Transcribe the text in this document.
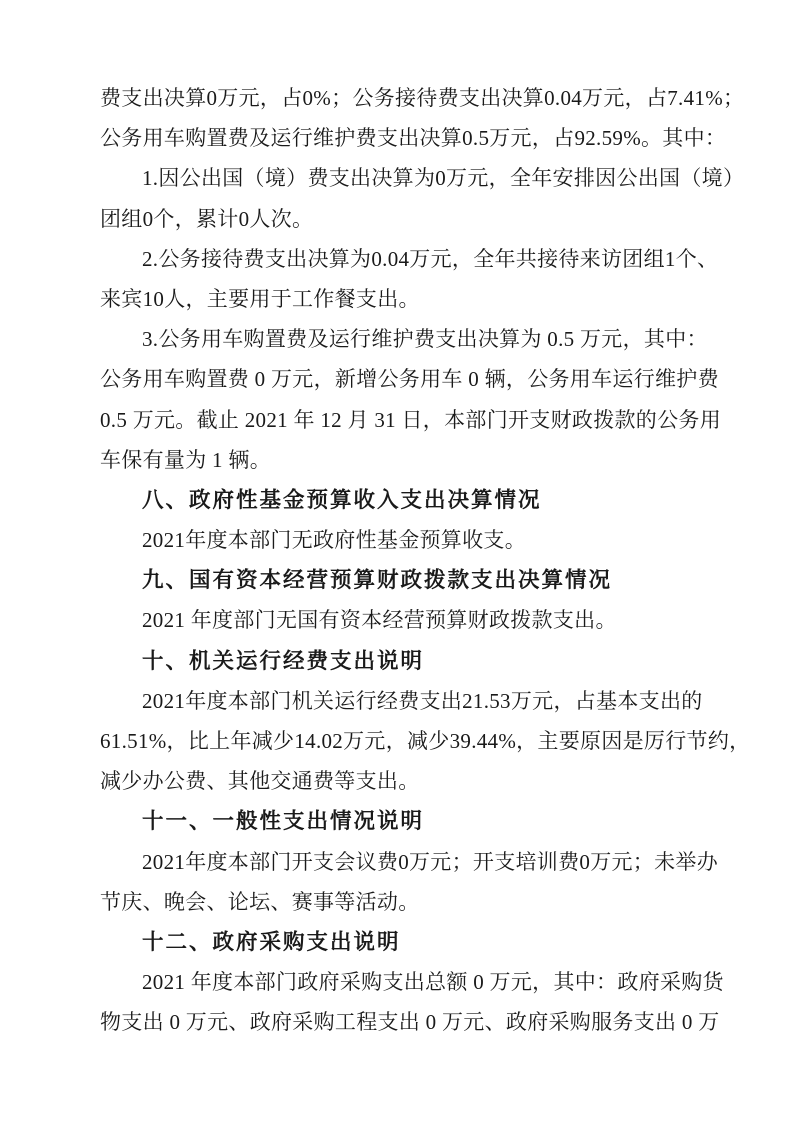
费支出决算0万元，占0%；公务接待费支出决算0.04万元，占7.41%；
公务用车购置费及运行维护费支出决算0.5万元，占92.59%。其中：
1.因公出国（境）费支出决算为0万元，全年安排因公出国（境）
团组0个，累计0人次。
2.公务接待费支出决算为0.04万元，全年共接待来访团组1个、
来宾10人，主要用于工作餐支出。
3.公务用车购置费及运行维护费支出决算为 0.5 万元，其中：
公务用车购置费 0 万元，新增公务用车 0 辆，公务用车运行维护费
0.5 万元。截止 2021 年 12 月 31 日，本部门开支财政拨款的公务用
车保有量为 1 辆。
八、政府性基金预算收入支出决算情况
2021年度本部门无政府性基金预算收支。
九、国有资本经营预算财政拨款支出决算情况
2021 年度部门无国有资本经营预算财政拨款支出。
十、机关运行经费支出说明
2021年度本部门机关运行经费支出21.53万元，占基本支出的
61.51%，比上年减少14.02万元，减少39.44%，主要原因是厉行节约，
减少办公费、其他交通费等支出。
十一、一般性支出情况说明
2021年度本部门开支会议费0万元；开支培训费0万元；未举办
节庆、晚会、论坛、赛事等活动。
十二、政府采购支出说明
2021 年度本部门政府采购支出总额 0 万元，其中：政府采购货
物支出 0 万元、政府采购工程支出 0 万元、政府采购服务支出 0 万
